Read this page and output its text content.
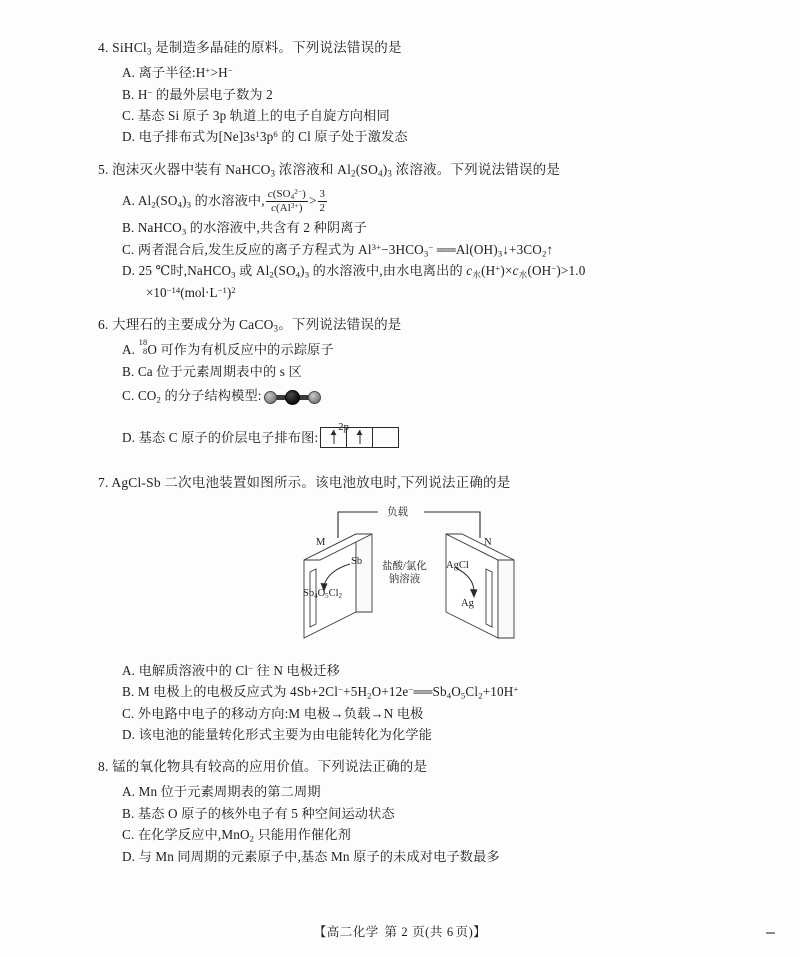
4. SiHCl$_3$ 是制造多晶硅的原料。下列说法错误的是
A. 离子半径:H+>H−
B. H− 的最外层电子数为 2
C. 基态 Si 原子 3p 轨道上的电子自旋方向相同
D. 电子排布式为$[Ne]3s^13p^6$ 的 Cl 原子处于激发态
5. 泡沫灭火器中装有 NaHCO$_3$ 浓溶液和 $Al_2(SO_4)_3$ 浓溶液。下列说法错误的是
A. $Al_2(SO_4)_3$ 的水溶液中, $\frac{c(SO_4^{2-})}{c(Al^{3+})} > \frac{3}{2}$
B. NaHCO$_3$ 的水溶液中,共含有 2 种阴离子
C. 两者混合后,发生反应的离子方程式为 $Al^{3+}-3HCO_3^-$ $══Al(OH)_3↓+3CO_2↑$
D. 25 ℃时,NaHCO$_3$ 或 $Al_2(SO_4)_3$ 的水溶液中,由水电离出的 $c_水(H^+)\times c_水(OH^-)>1.0$
$\times 10^{-14}(mol\cdot L^{-1})^2$
6. 大理石的主要成分为 CaCO$_3$。下列说法错误的是
A.
18
8 O 可作为有机反应中的示踪原子
B. Ca 位于元素周期表中的 s 区
C. $CO_2$ 的分子结构模型:
D. 基态 C 原子的价层电子排布图:
2p
7. AgCl-Sb 二次电池装置如图所示。该电池放电时,下列说法正确的是
负载
M	N
Sb
$Sb_4O_5Cl_2$
AgCl
Ag
盐酸/氯化
钠溶液
A. 电解质溶液中的 Cl− 往 N 电极迁移
B. M 电极上的电极反应式为 $4Sb+2Cl^-+5H_2O+12e^-══Sb_4O_5Cl_2+10H^+$
C. 外电路中电子的移动方向:M 电极→负载→N 电极
D. 该电池的能量转化形式主要为由电能转化为化学能
8. 锰的氧化物具有较高的应用价值。下列说法正确的是
A. Mn 位于元素周期表的第二周期
B. 基态 O 原子的核外电子有 5 种空间运动状态
C. 在化学反应中,MnO$_2$ 只能用作催化剂
D. 与 Mn 同周期的元素原子中,基态 Mn 原子的未成对电子数最多
【高二化学 第 2 页(共 6 页)】
